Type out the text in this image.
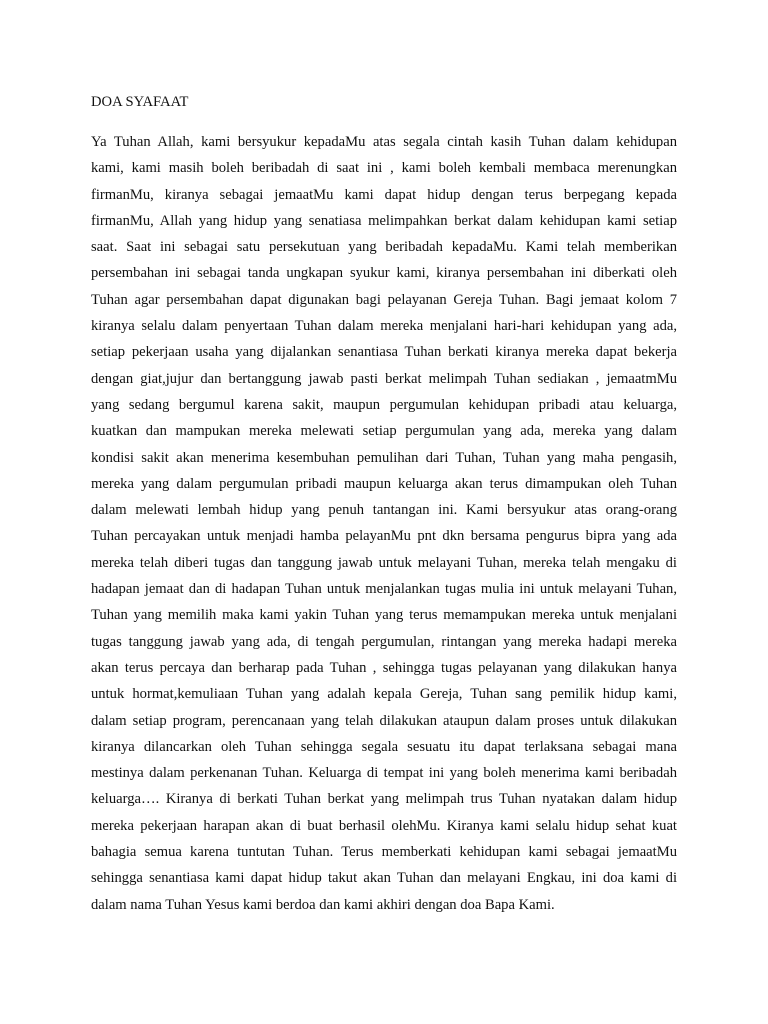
DOA SYAFAAT
Ya Tuhan Allah, kami bersyukur kepadaMu atas segala cintah kasih Tuhan dalam kehidupan
kami, kami masih boleh beribadah di saat ini , kami boleh kembali membaca merenungkan
firmanMu, kiranya sebagai jemaatMu kami dapat hidup dengan terus berpegang kepada
firmanMu, Allah yang hidup yang senatiasa melimpahkan berkat dalam kehidupan kami setiap
saat. Saat ini sebagai satu persekutuan yang beribadah kepadaMu. Kami telah memberikan
persembahan ini sebagai tanda ungkapan syukur kami, kiranya persembahan ini diberkati oleh
Tuhan agar persembahan dapat digunakan bagi pelayanan Gereja Tuhan. Bagi jemaat kolom 7
kiranya selalu dalam penyertaan Tuhan dalam mereka menjalani hari-hari kehidupan yang ada,
setiap pekerjaan usaha yang dijalankan senantiasa Tuhan berkati kiranya mereka dapat bekerja
dengan giat,jujur dan bertanggung jawab pasti berkat melimpah Tuhan sediakan , jemaatmMu
yang sedang bergumul karena sakit, maupun pergumulan kehidupan pribadi atau keluarga,
kuatkan dan mampukan mereka melewati setiap pergumulan yang ada, mereka yang dalam
kondisi sakit akan menerima kesembuhan pemulihan dari Tuhan, Tuhan yang maha pengasih,
mereka yang dalam pergumulan pribadi maupun keluarga akan terus dimampukan oleh Tuhan
dalam melewati lembah hidup yang penuh tantangan ini. Kami bersyukur atas orang-orang
Tuhan percayakan untuk menjadi hamba pelayanMu pnt dkn bersama pengurus bipra yang ada
mereka telah diberi tugas dan tanggung jawab untuk melayani Tuhan, mereka telah mengaku di
hadapan jemaat dan di hadapan Tuhan untuk menjalankan tugas mulia ini untuk melayani Tuhan,
Tuhan yang memilih maka kami yakin Tuhan yang terus memampukan mereka untuk menjalani
tugas tanggung jawab yang ada, di tengah pergumulan, rintangan yang mereka hadapi mereka
akan terus percaya dan berharap pada Tuhan , sehingga tugas pelayanan yang dilakukan hanya
untuk hormat,kemuliaan Tuhan yang adalah kepala Gereja, Tuhan sang pemilik hidup kami,
dalam setiap program, perencanaan yang telah dilakukan ataupun dalam proses untuk dilakukan
kiranya dilancarkan oleh Tuhan sehingga segala sesuatu itu dapat terlaksana sebagai mana
mestinya dalam perkenanan Tuhan. Keluarga di tempat ini yang boleh menerima kami beribadah
keluarga…. Kiranya di berkati Tuhan berkat yang melimpah trus Tuhan nyatakan dalam hidup
mereka pekerjaan harapan akan di buat berhasil olehMu. Kiranya kami selalu hidup sehat kuat
bahagia semua karena tuntutan Tuhan. Terus memberkati kehidupan kami sebagai jemaatMu
sehingga senantiasa kami dapat hidup takut akan Tuhan dan melayani Engkau, ini doa kami di
dalam nama Tuhan Yesus kami berdoa dan kami akhiri dengan doa Bapa Kami.
